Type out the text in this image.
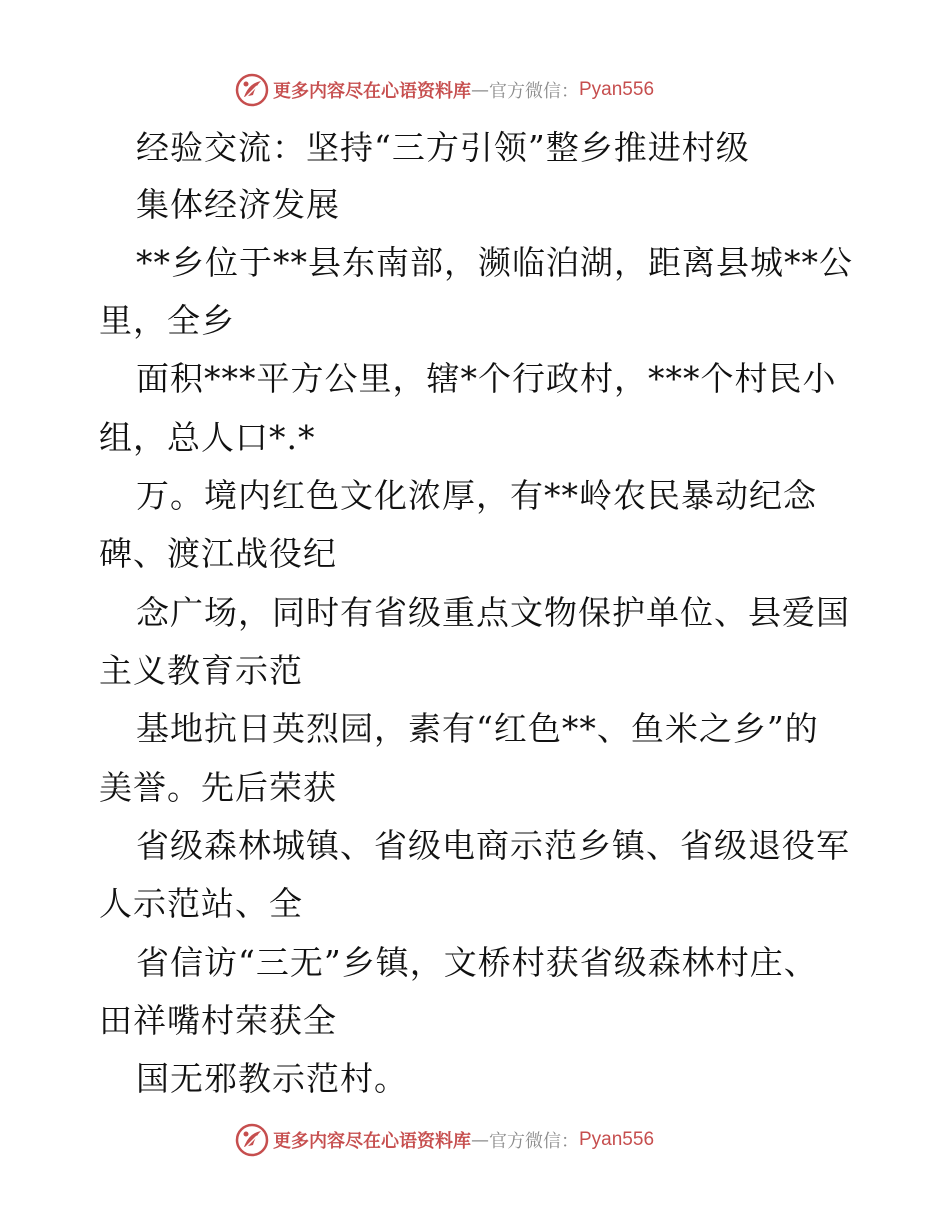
更多内容尽在心语资料库 — 官方微信： Pyan556
经验交流：坚持“三方引领”整乡推进村级
集体经济发展
**乡位于**县东南部，濒临泊湖，距离县城**公
里，全乡
面积***平方公里，辖*个行政村，***个村民小
组，总人口*.*
万。境内红色文化浓厚，有**岭农民暴动纪念
碑、渡江战役纪
念广场，同时有省级重点文物保护单位、县爱国
主义教育示范
基地抗日英烈园，素有“红色**、鱼米之乡”的
美誉。先后荣获
省级森林城镇、省级电商示范乡镇、省级退役军
人示范站、全
省信访“三无”乡镇，文桥村获省级森林村庄、
田祥嘴村荣获全
国无邪教示范村。
更多内容尽在心语资料库 — 官方微信： Pyan556
